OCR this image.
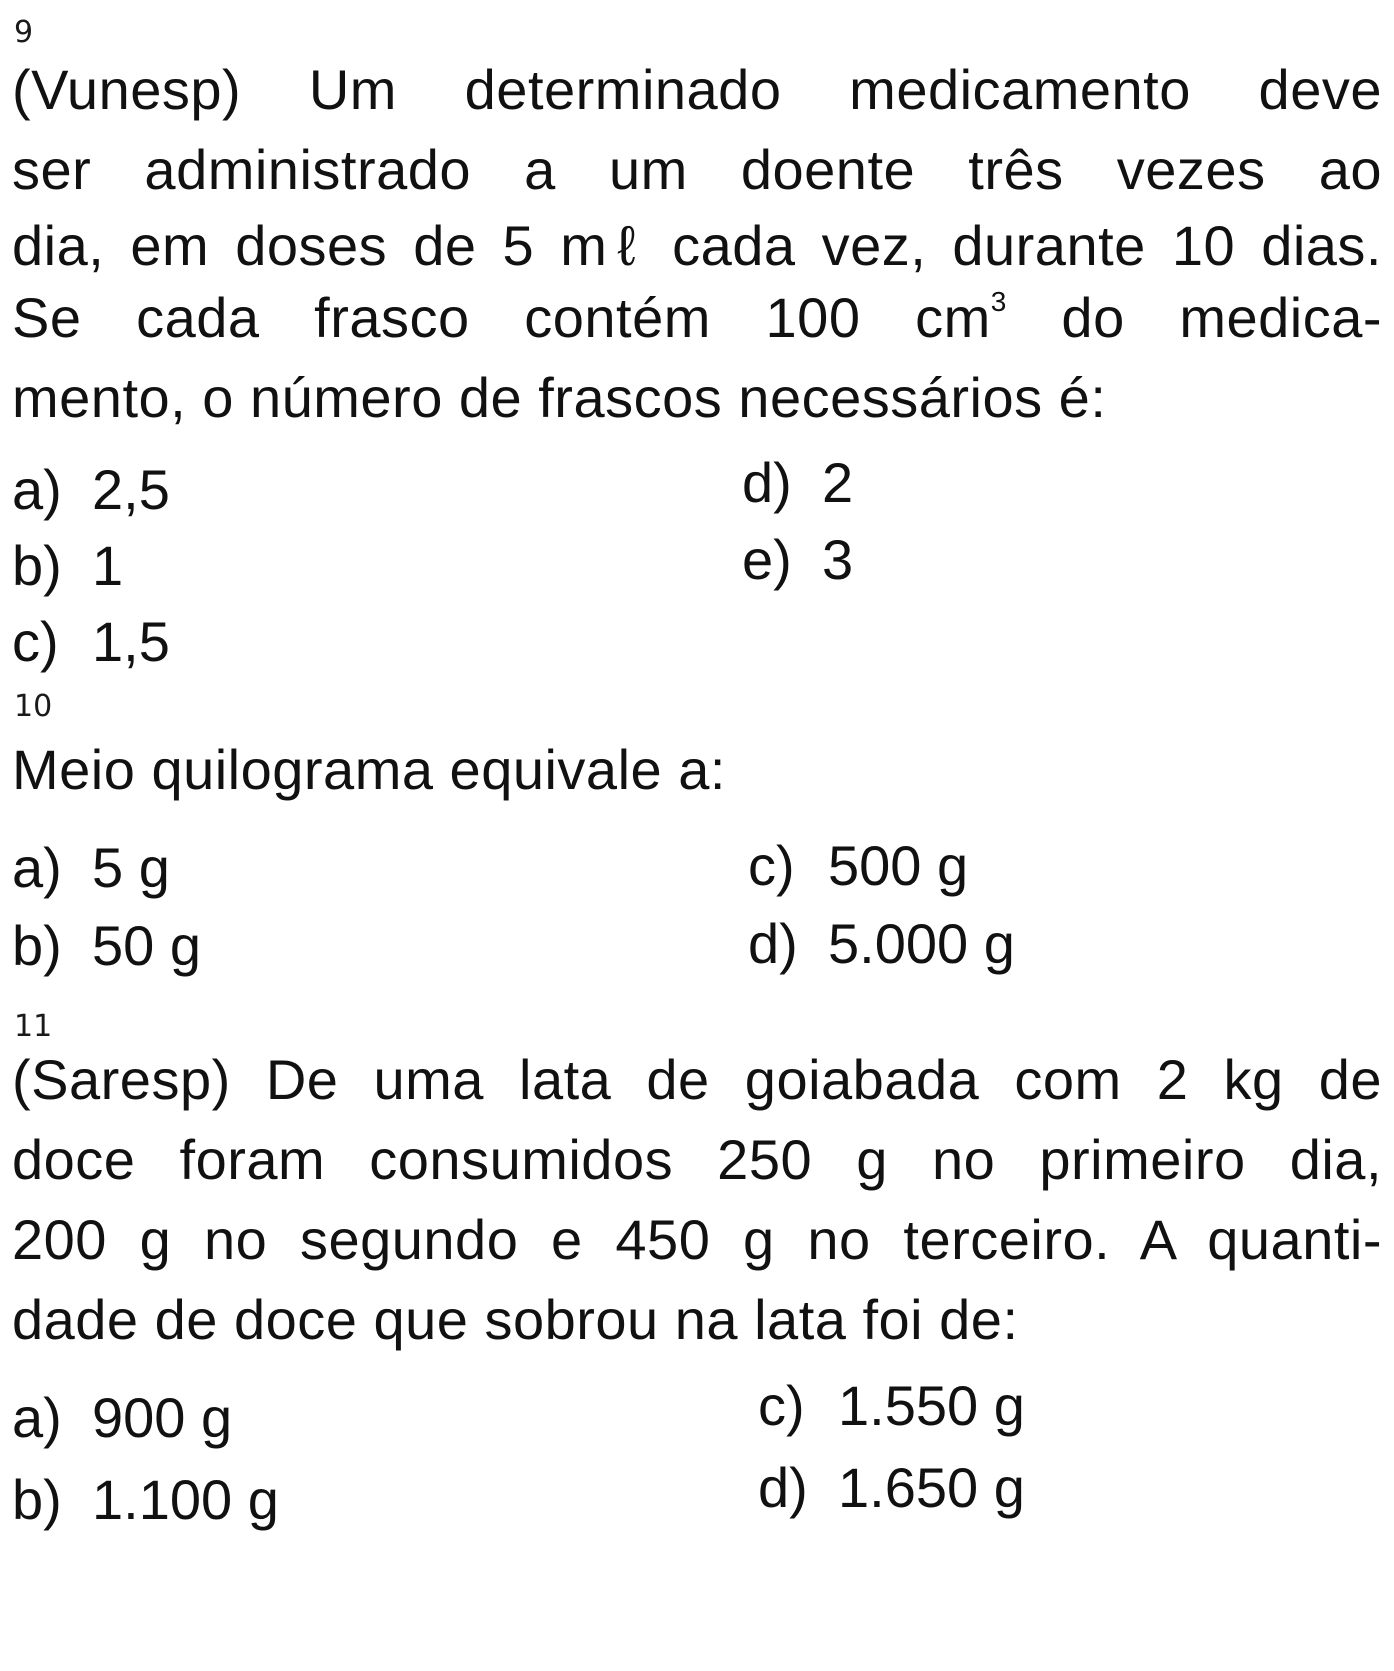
9
(Vunesp) Um determinado medicamento deve
ser administrado a um doente três vezes ao
dia, em doses de 5 mℓ cada vez, durante 10 dias.
Se cada frasco contém 100 $cm^3$ do medica-
mento, o número de frascos necessários é:
a) 2,5
b) 1
c) 1,5
d) 2
e) 3
10
Meio quilograma equivale a:
a) 5 g
b) 50 g
c) 500 g
d) 5.000 g
11
(Saresp) De uma lata de goiabada com 2 kg de
doce foram consumidos 250 g no primeiro dia,
200 g no segundo e 450 g no terceiro. A quanti-
dade de doce que sobrou na lata foi de:
a) 900 g
b) 1.100 g
c) 1.550 g
d) 1.650 g
